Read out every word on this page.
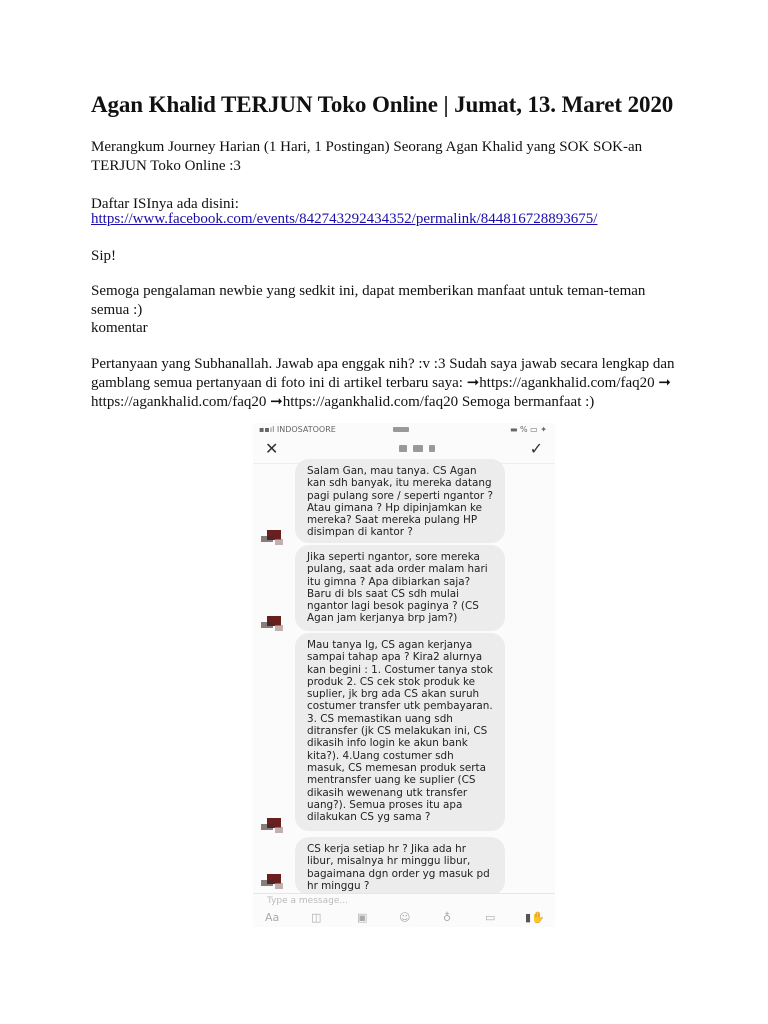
Agan Khalid TERJUN Toko Online | Jumat, 13. Maret 2020
Merangkum Journey Harian (1 Hari, 1 Postingan) Seorang Agan Khalid yang SOK SOK-an TERJUN Toko Online :3
Daftar ISInya ada disini:
https://www.facebook.com/events/842743292434352/permalink/844816728893675/
Sip!
Semoga pengalaman newbie yang sedkit ini, dapat memberikan manfaat untuk teman-teman semua :)
komentar
Pertanyaan yang Subhanallah. Jawab apa enggak nih? :v :3 Sudah saya jawab secara lengkap dan gamblang semua pertanyaan di foto ini di artikel terbaru saya: ➞https://agankhalid.com/faq20 ➞ https://agankhalid.com/faq20 ➞https://agankhalid.com/faq20 Semoga bermanfaat :)
▪▪ıl INDOSATOORE	▬ % ▭ ✦
✕	✓
Salam Gan, mau tanya. CS Agan kan sdh banyak, itu mereka datang pagi pulang sore / seperti ngantor ? Atau gimana ? Hp dipinjamkan ke mereka? Saat mereka pulang HP disimpan di kantor ?
Jika seperti ngantor, sore mereka pulang, saat ada order malam hari itu gimna ? Apa dibiarkan saja? Baru di bls saat CS sdh mulai ngantor lagi besok paginya ? (CS Agan jam kerjanya brp jam?)
Mau tanya lg, CS agan kerjanya sampai tahap apa ? Kira2 alurnya kan begini : 1. Costumer tanya stok produk 2. CS cek stok produk ke suplier, jk brg ada CS akan suruh costumer transfer utk pembayaran. 3. CS memastikan uang sdh ditransfer (jk CS melakukan ini, CS dikasih info login ke akun bank kita?). 4.Uang costumer sdh masuk, CS memesan produk serta mentransfer uang ke suplier (CS dikasih wewenang utk transfer uang?). Semua proses itu apa dilakukan CS yg sama ?
CS kerja setiap hr ? Jika ada hr libur, misalnya hr minggu libur, bagaimana dgn order yg masuk pd hr minggu ?
Type a message...
Aa	◫	▣	☺	♁	▭	▮✋
